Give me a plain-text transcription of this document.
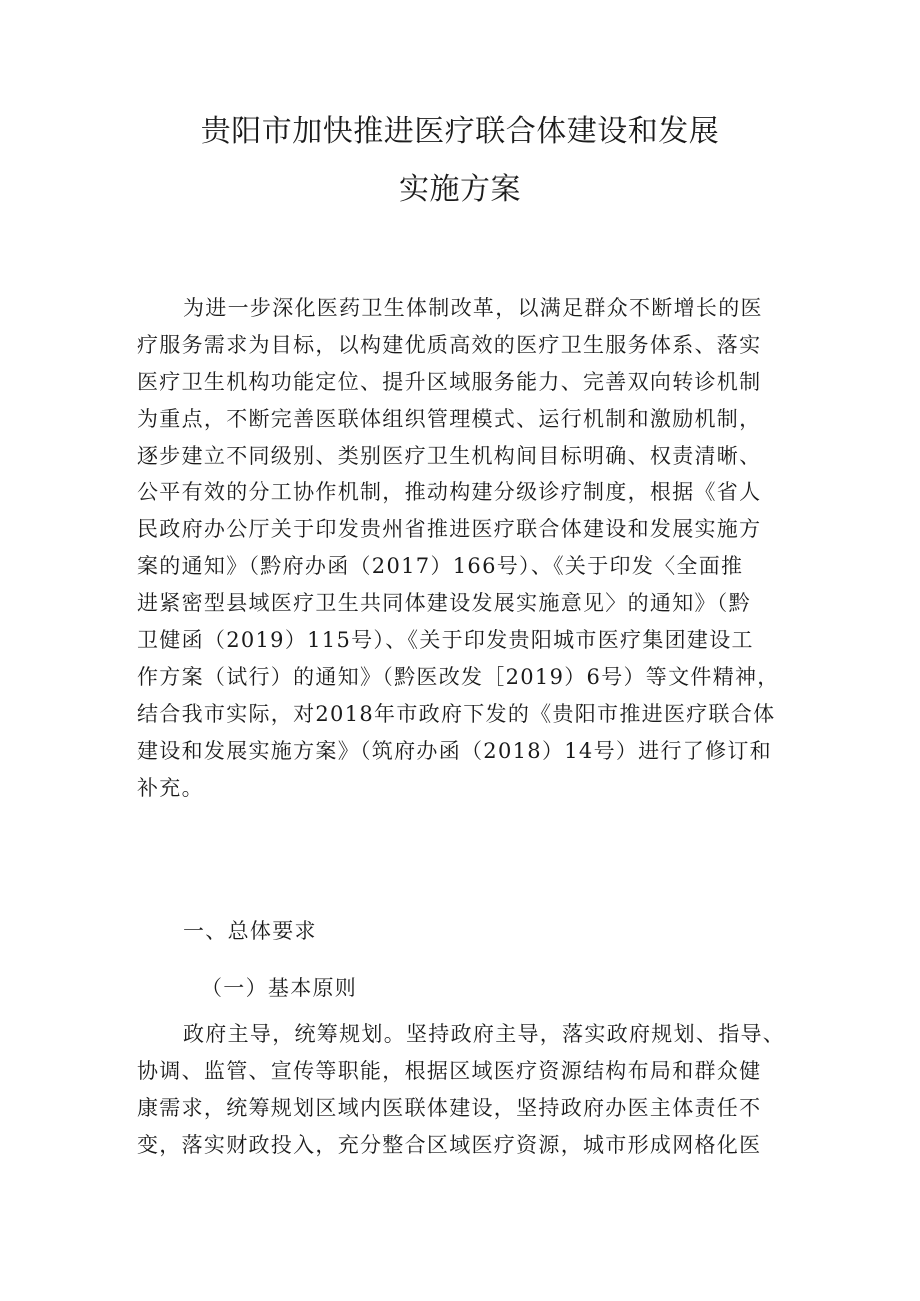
贵阳市加快推进医疗联合体建设和发展
实施方案
为进一步深化医药卫生体制改革，以满足群众不断增长的医
疗服务需求为目标，以构建优质高效的医疗卫生服务体系、落实
医疗卫生机构功能定位、提升区域服务能力、完善双向转诊机制
为重点，不断完善医联体组织管理模式、运行机制和激励机制，
逐步建立不同级别、类别医疗卫生机构间目标明确、权责清晰、
公平有效的分工协作机制，推动构建分级诊疗制度，根据《省人
民政府办公厅关于印发贵州省推进医疗联合体建设和发展实施方
案的通知》（黔府办函（2017）166号）、《关于印发〈全面推
进紧密型县域医疗卫生共同体建设发展实施意见〉的通知》（黔
卫健函（2019）115号）、《关于印发贵阳城市医疗集团建设工
作方案（试行）的通知》（黔医改发［2019）6号）等文件精神，
结合我市实际，对2018年市政府下发的《贵阳市推进医疗联合体
建设和发展实施方案》（筑府办函（2018）14号）进行了修订和
补充。
一、总体要求
（一）基本原则
政府主导，统筹规划。坚持政府主导，落实政府规划、指导、
协调、监管、宣传等职能，根据区域医疗资源结构布局和群众健
康需求，统筹规划区域内医联体建设，坚持政府办医主体责任不
变，落实财政投入，充分整合区域医疗资源，城市形成网格化医
